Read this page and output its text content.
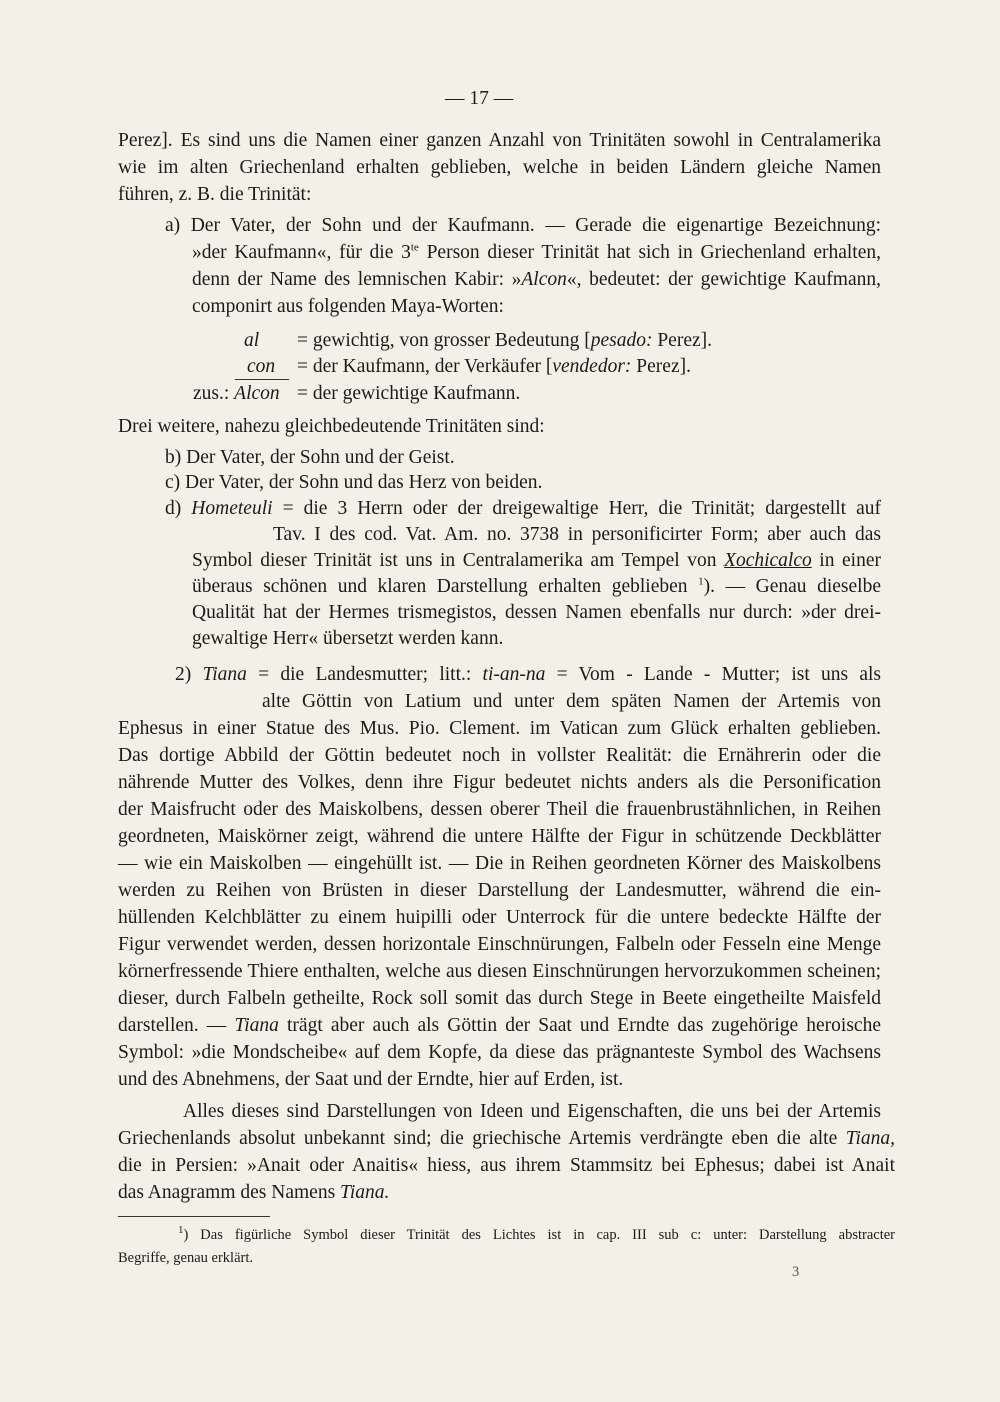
— 17 —
Perez]. Es sind uns die Namen einer ganzen Anzahl von Trinitäten sowohl in Centralamerika
wie im alten Griechenland erhalten geblieben, welche in beiden Ländern gleiche Namen
führen, z. B. die Trinität:
a) Der Vater, der Sohn und der Kaufmann. — Gerade die eigenartige Bezeichnung:
»der Kaufmann«, für die $3^{te}$ Person dieser Trinität hat sich in Griechenland erhalten,
denn der Name des lemnischen Kabir: »Alcon«, bedeutet: der gewichtige Kaufmann,
componirt aus folgenden Maya-Worten:
al = gewichtig, von grosser Bedeutung [pesado: Perez].
con = der Kaufmann, der Verkäufer [vendedor: Perez].
zus.: Alcon = der gewichtige Kaufmann.
Drei weitere, nahezu gleichbedeutende Trinitäten sind:
b) Der Vater, der Sohn und der Geist.
c) Der Vater, der Sohn und das Herz von beiden.
d) Hometeuli = die 3 Herrn oder der dreigewaltige Herr, die Trinität; dargestellt auf
Tav. I des cod. Vat. Am. no. 3738 in personificirter Form; aber auch das
Symbol dieser Trinität ist uns in Centralamerika am Tempel von Xochicalco in einer
überaus schönen und klaren Darstellung erhalten geblieben $^1$). — Genau dieselbe
Qualität hat der Hermes trismegistos, dessen Namen ebenfalls nur durch: »der drei-
gewaltige Herr« übersetzt werden kann.
2) Tiana = die Landesmutter; litt.: ti-an-na = Vom - Lande - Mutter; ist uns als
alte Göttin von Latium und unter dem späten Namen der Artemis von
Ephesus in einer Statue des Mus. Pio. Clement. im Vatican zum Glück erhalten geblieben.
Das dortige Abbild der Göttin bedeutet noch in vollster Realität: die Ernährerin oder die
nährende Mutter des Volkes, denn ihre Figur bedeutet nichts anders als die Personification
der Maisfrucht oder des Maiskolbens, dessen oberer Theil die frauenbrustähnlichen, in Reihen
geordneten, Maiskörner zeigt, während die untere Hälfte der Figur in schützende Deckblätter
— wie ein Maiskolben — eingehüllt ist. — Die in Reihen geordneten Körner des Maiskolbens
werden zu Reihen von Brüsten in dieser Darstellung der Landesmutter, während die ein-
hüllenden Kelchblätter zu einem huipilli oder Unterrock für die untere bedeckte Hälfte der
Figur verwendet werden, dessen horizontale Einschnürungen, Falbeln oder Fesseln eine Menge
körnerfressende Thiere enthalten, welche aus diesen Einschnürungen hervorzukommen scheinen;
dieser, durch Falbeln getheilte, Rock soll somit das durch Stege in Beete eingetheilte Maisfeld
darstellen. — Tiana trägt aber auch als Göttin der Saat und Erndte das zugehörige heroische
Symbol: »die Mondscheibe« auf dem Kopfe, da diese das prägnanteste Symbol des Wachsens
und des Abnehmens, der Saat und der Erndte, hier auf Erden, ist.
Alles dieses sind Darstellungen von Ideen und Eigenschaften, die uns bei der Artemis
Griechenlands absolut unbekannt sind; die griechische Artemis verdrängte eben die alte Tiana,
die in Persien: »Anait oder Anaitis« hiess, aus ihrem Stammsitz bei Ephesus; dabei ist Anait
das Anagramm des Namens Tiana.
$^1$) Das figürliche Symbol dieser Trinität des Lichtes ist in cap. III sub c: unter: Darstellung abstracter
Begriffe, genau erklärt.
3
